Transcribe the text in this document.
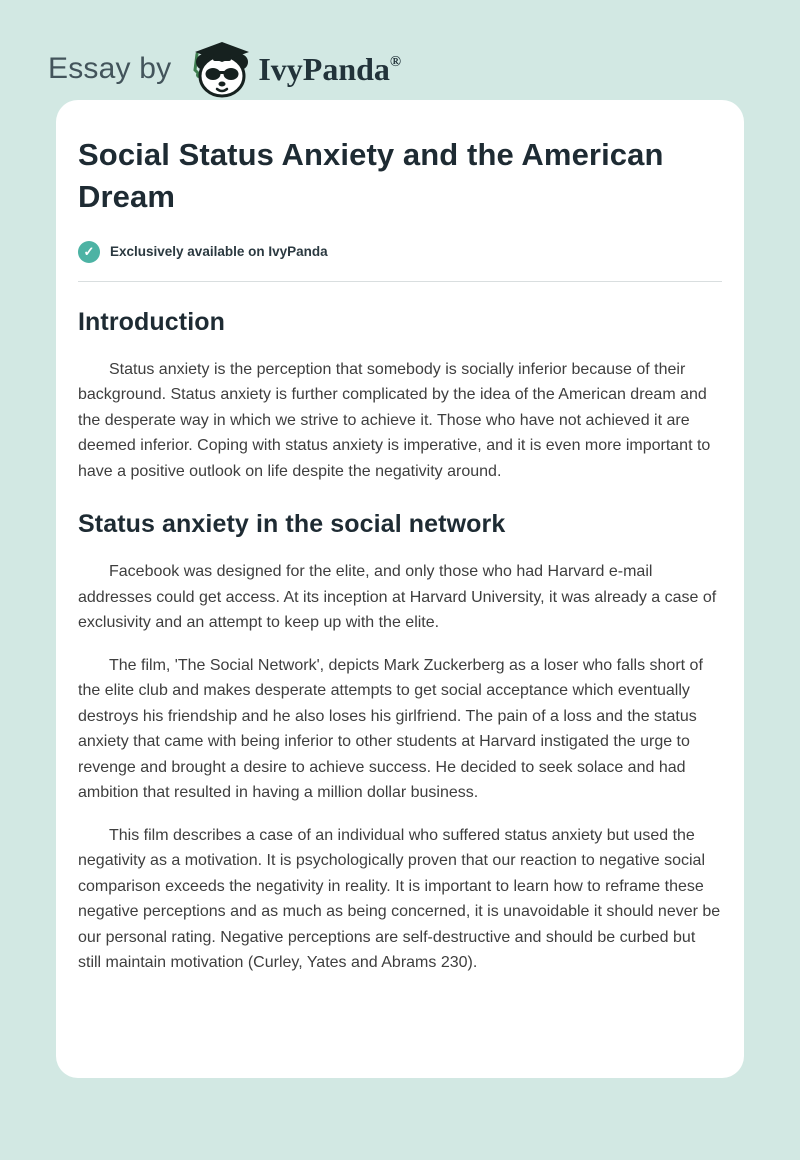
Essay by	IvyPanda®
Social Status Anxiety and the American Dream
✓	Exclusively available on IvyPanda
Introduction

Status anxiety is the perception that somebody is socially inferior because of their background. Status anxiety is further complicated by the idea of the American dream and the desperate way in which we strive to achieve it. Those who have not achieved it are deemed inferior. Coping with status anxiety is imperative, and it is even more important to have a positive outlook on life despite the negativity around.

Status anxiety in the social network

Facebook was designed for the elite, and only those who had Harvard e-mail addresses could get access. At its inception at Harvard University, it was already a case of exclusivity and an attempt to keep up with the elite.

The film, 'The Social Network', depicts Mark Zuckerberg as a loser who falls short of the elite club and makes desperate attempts to get social acceptance which eventually destroys his friendship and he also loses his girlfriend. The pain of a loss and the status anxiety that came with being inferior to other students at Harvard instigated the urge to revenge and brought a desire to achieve success. He decided to seek solace and had ambition that resulted in having a million dollar business.

This film describes a case of an individual who suffered status anxiety but used the negativity as a motivation. It is psychologically proven that our reaction to negative social comparison exceeds the negativity in reality. It is important to learn how to reframe these negative perceptions and as much as being concerned, it is unavoidable it should never be our personal rating. Negative perceptions are self-destructive and should be curbed but still maintain motivation (Curley, Yates and Abrams 230).
